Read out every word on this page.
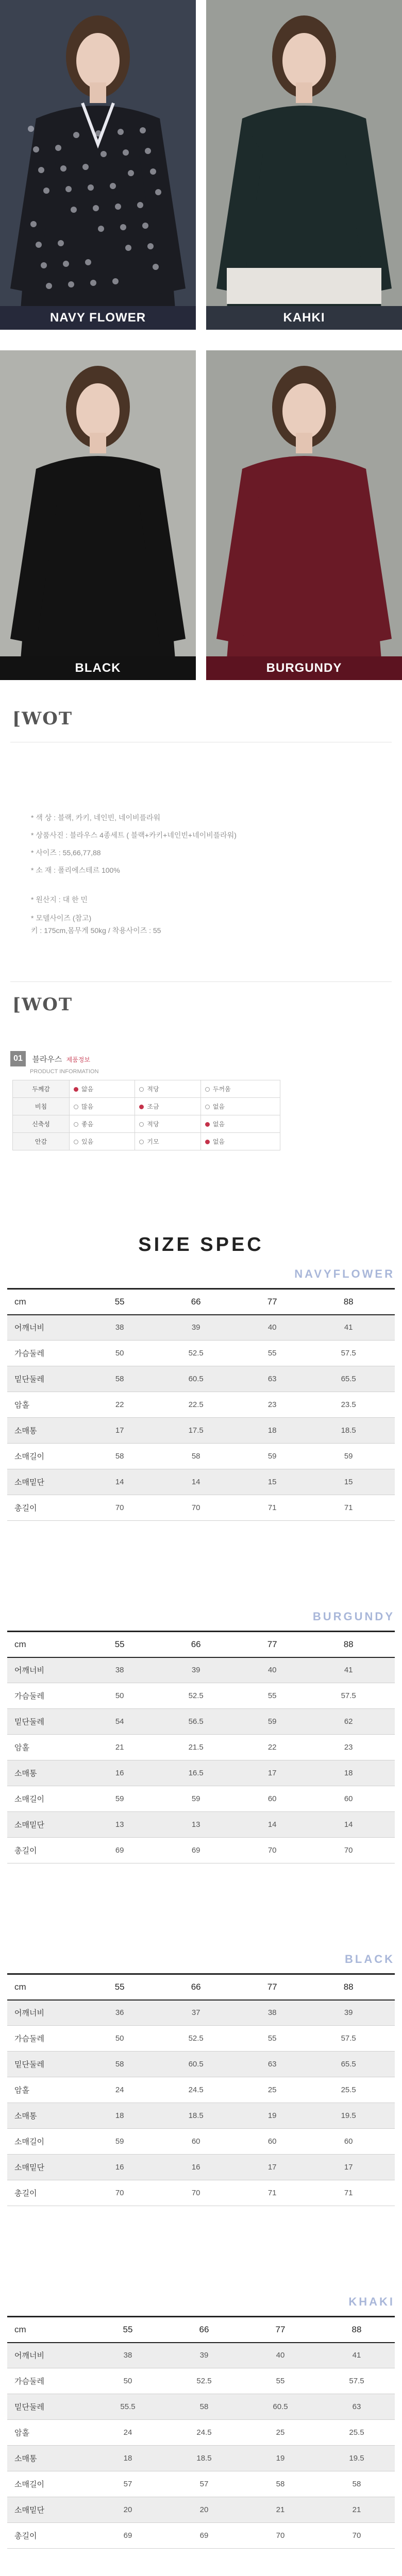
NAVY FLOWER	KAHKI
BLACK	BURGUNDY
[WOT
* 색 상 : 블랙, 카키, 네인빈, 네이비플라워
* 상품사진 : 블라우스 4종세트 ( 블랙+카키+네인빈+네이비플라워)
* 사이즈 : 55,66,77,88
* 소 재 : 폴리에스테르 100%
* 원산지 : 대 한 민
* 모델사이즈 (참고)
키 : 175cm,몸무게 50kg / 착용사이즈 : 55
[WOT
01 블라우스 제품정보
PRODUCT INFORMATION
두께감	얇음	적당	두꺼움
비침	많음	조금	없음
신축성	좋음	적당	없음
안감	있음	기모	없음
SIZE SPEC
NAVYFLOWER
cm	55	66	77	88
어깨너비	38	39	40	41
가슴둘레	50	52.5	55	57.5
밑단둘레	58	60.5	63	65.5
암홀	22	22.5	23	23.5
소매통	17	17.5	18	18.5
소매길이	58	58	59	59
소매밑단	14	14	15	15
총길이	70	70	71	71
BURGUNDY
cm	55	66	77	88
어깨너비	38	39	40	41
가슴둘레	50	52.5	55	57.5
밑단둘레	54	56.5	59	62
암홀	21	21.5	22	23
소매통	16	16.5	17	18
소매길이	59	59	60	60
소매밑단	13	13	14	14
총길이	69	69	70	70
BLACK
cm	55	66	77	88
어깨너비	36	37	38	39
가슴둘레	50	52.5	55	57.5
밑단둘레	58	60.5	63	65.5
암홀	24	24.5	25	25.5
소매통	18	18.5	19	19.5
소매길이	59	60	60	60
소매밑단	16	16	17	17
총길이	70	70	71	71
KHAKI
cm	55	66	77	88
어깨너비	38	39	40	41
가슴둘레	50	52.5	55	57.5
밑단둘레	55.5	58	60.5	63
암홀	24	24.5	25	25.5
소매통	18	18.5	19	19.5
소매길이	57	57	58	58
소매밑단	20	20	21	21
총길이	69	69	70	70
